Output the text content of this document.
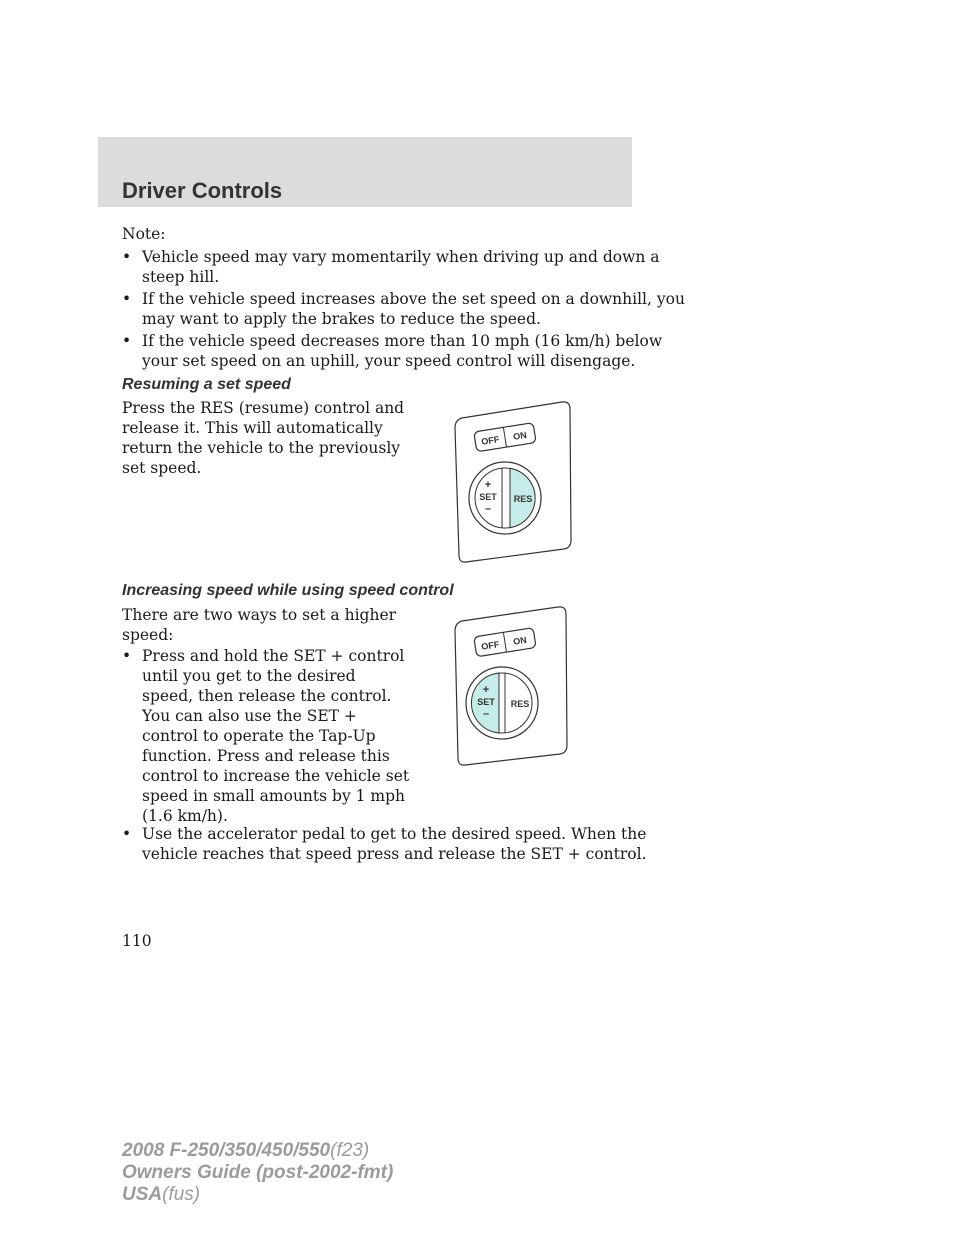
Driver Controls
Note:
• Vehicle speed may vary momentarily when driving up and down a
steep hill.
• If the vehicle speed increases above the set speed on a downhill, you
may want to apply the brakes to reduce the speed.
• If the vehicle speed decreases more than 10 mph (16 km/h) below
your set speed on an uphill, your speed control will disengage.
Resuming a set speed
Press the RES (resume) control and
release it. This will automatically
return the vehicle to the previously
set speed.
OFF ON
+
SET
–
RES
Increasing speed while using speed control
There are two ways to set a higher
speed:
• Press and hold the SET + control
until you get to the desired
speed, then release the control.
You can also use the SET +
control to operate the Tap-Up
function. Press and release this
control to increase the vehicle set
speed in small amounts by 1 mph
(1.6 km/h).
• Use the accelerator pedal to get to the desired speed. When the
vehicle reaches that speed press and release the SET + control.
OFF ON
+
SET
–
RES
110
2008 F-250/350/450/550(f23)
Owners Guide (post-2002-fmt)
USA(fus)
